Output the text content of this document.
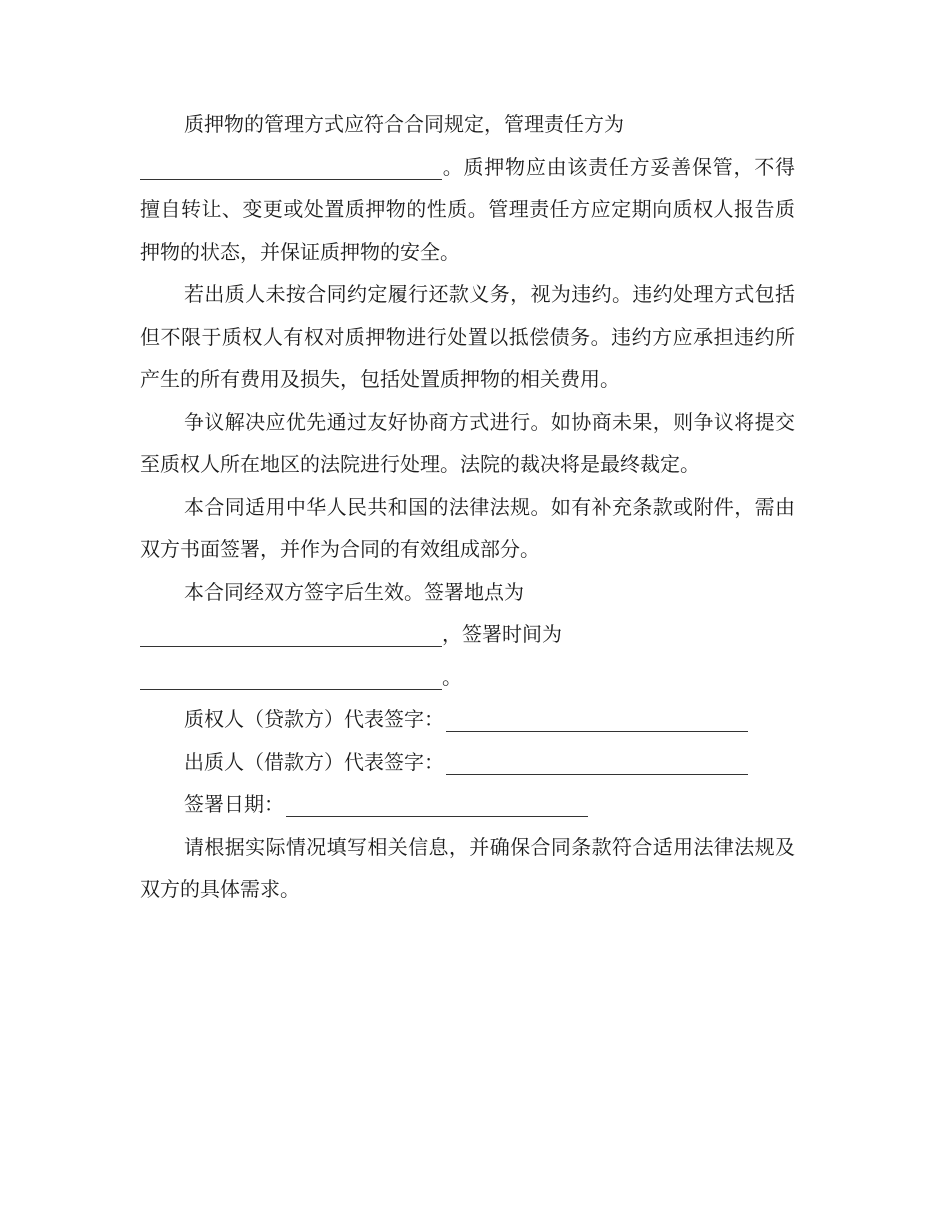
质押物的管理方式应符合合同规定，管理责任方为

。质押物应由该责任方妥善保管，不得擅自转让、变更或处置质押物的性质。管理责任方应定期向质权人报告质押物的状态，并保证质押物的安全。

若出质人未按合同约定履行还款义务，视为违约。违约处理方式包括但不限于质权人有权对质押物进行处置以抵偿债务。违约方应承担违约所产生的所有费用及损失，包括处置质押物的相关费用。

争议解决应优先通过友好协商方式进行。如协商未果，则争议将提交至质权人所在地区的法院进行处理。法院的裁决将是最终裁定。

本合同适用中华人民共和国的法律法规。如有补充条款或附件，需由双方书面签署，并作为合同的有效组成部分。

本合同经双方签字后生效。签署地点为
，签署时间为
。
质权人（贷款方）代表签字：
出质人（借款方）代表签字：
签署日期：

请根据实际情况填写相关信息，并确保合同条款符合适用法律法规及双方的具体需求。
